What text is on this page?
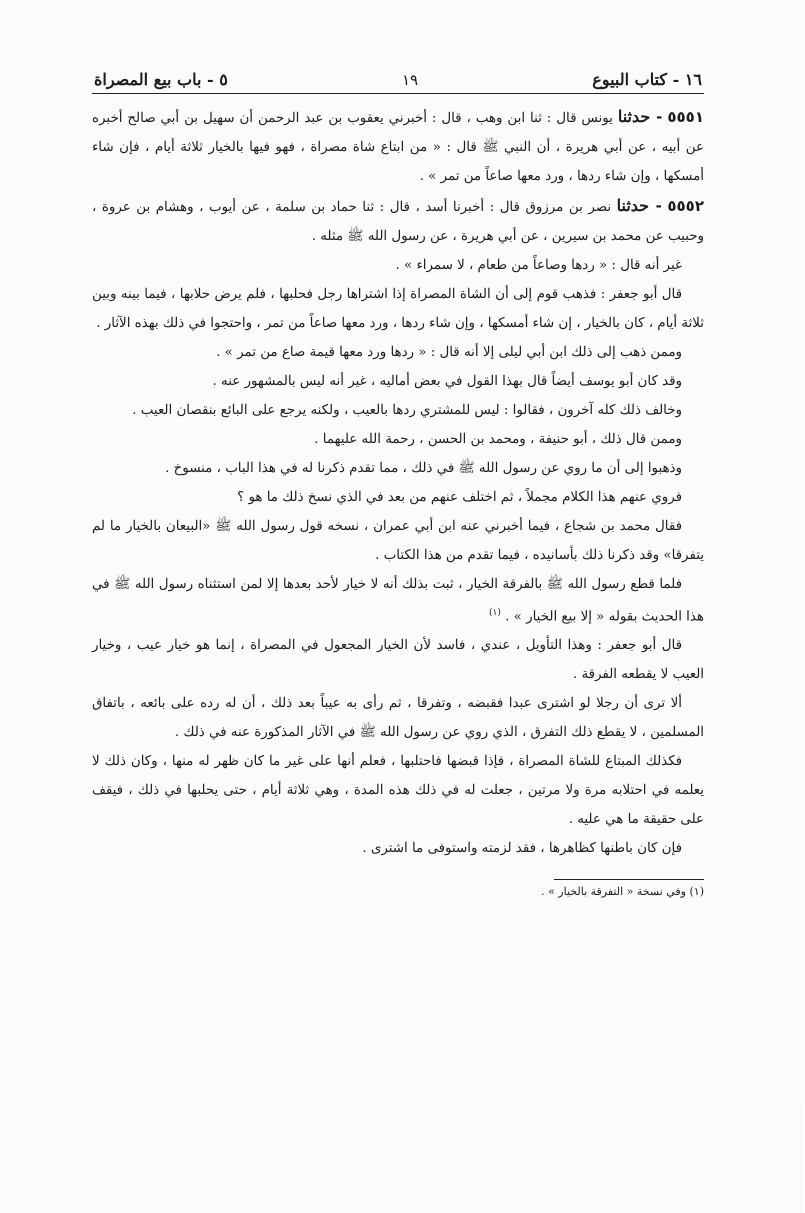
١٦ - كتاب البيوع
١٩
٥ - باب بيع المصراة

٥٥٥١ - حدثنا يونس قال : ثنا ابن وهب ، قال : أخبرني يعقوب بن عبد الرحمن أن سهيل بن أبي صالح أخبره عن أبيه ، عن أبي هريرة ، أن النبي ﷺ قال : « من ابتاع شاة مصراة ، فهو فيها بالخيار ثلاثة أيام ، فإن شاء أمسكها ، وإن شاء ردها ، ورد معها صاعاً من تمر » .

٥٥٥٢ - حدثنا نصر بن مرزوق قال : أخبرنا أسد ، قال : ثنا حماد بن سلمة ، عن أيوب ، وهشام بن عروة ، وحبيب عن محمد بن سيرين ، عن أبي هريرة ، عن رسول الله ﷺ مثله .

غير أنه قال : « ردها وصاعاً من طعام ، لا سمراء » .

قال أبو جعفر : فذهب قوم إلى أن الشاة المصراة إذا اشتراها رجل فحلبها ، فلم يرض حلابها ، فيما بينه وبين ثلاثة أيام ، كان بالخيار ، إن شاء أمسكها ، وإن شاء ردها ، ورد معها صاعاً من تمر ، واحتجوا في ذلك بهذه الآثار .

وممن ذهب إلى ذلك ابن أبي ليلى إلا أنه قال : « ردها ورد معها قيمة صاع من تمر » .

وقد كان أبو يوسف أيضاً قال بهذا القول في بعض أماليه ، غير أنه ليس بالمشهور عنه .

وخالف ذلك كله آخرون ، فقالوا : ليس للمشتري ردها بالعيب ، ولكنه يرجع على البائع بنقصان العيب .

وممن قال ذلك ، أبو حنيفة ، ومحمد بن الحسن ، رحمة الله عليهما .

وذهبوا إلى أن ما روي عن رسول الله ﷺ في ذلك ، مما تقدم ذكرنا له في هذا الباب ، منسوخ .

فروي عنهم هذا الكلام مجملاً ، ثم اختلف عنهم من بعد في الذي نسخ ذلك ما هو ؟

فقال محمد بن شجاع ، فيما أخبرني عنه ابن أبي عمران ، نسخه قول رسول الله ﷺ «البيعان بالخيار ما لم يتفرقا» وقد ذكرنا ذلك بأسانيده ، فيما تقدم من هذا الكتاب .

فلما قطع رسول الله ﷺ بالفرقة الخيار ، ثبت بذلك أنه لا خيار لأحد بعدها إلا لمن استثناه رسول الله ﷺ في هذا الحديث بقوله « إلا بيع الخيار » . $^{(١)}$

قال أبو جعفر : وهذا التأويل ، عندي ، فاسد لأن الخيار المجعول في المصراة ، إنما هو خيار عيب ، وخيار العيب لا يقطعه الفرقة .

ألا ترى أن رجلا لو اشترى عبدا فقبضه ، وتفرقا ، ثم رأى به عيباً بعد ذلك ، أن له رده على بائعه ، باتفاق المسلمين ، لا يقطع ذلك التفرق ، الذي روي عن رسول الله ﷺ في الآثار المذكورة عنه في ذلك .

فكذلك المبتاع للشاة المصراة ، فإذا قبضها فاحتلبها ، فعلم أنها على غير ما كان ظهر له منها ، وكان ذلك لا يعلمه في احتلابه مرة ولا مرتين ، جعلت له في ذلك هذه المدة ، وهي ثلاثة أيام ، حتى يحلبها في ذلك ، فيقف على حقيقة ما هي عليه .

فإن كان باطنها كظاهرها ، فقد لزمته واستوفى ما اشترى .

(١) وفي نسخة « التفرقة بالخيار » .
